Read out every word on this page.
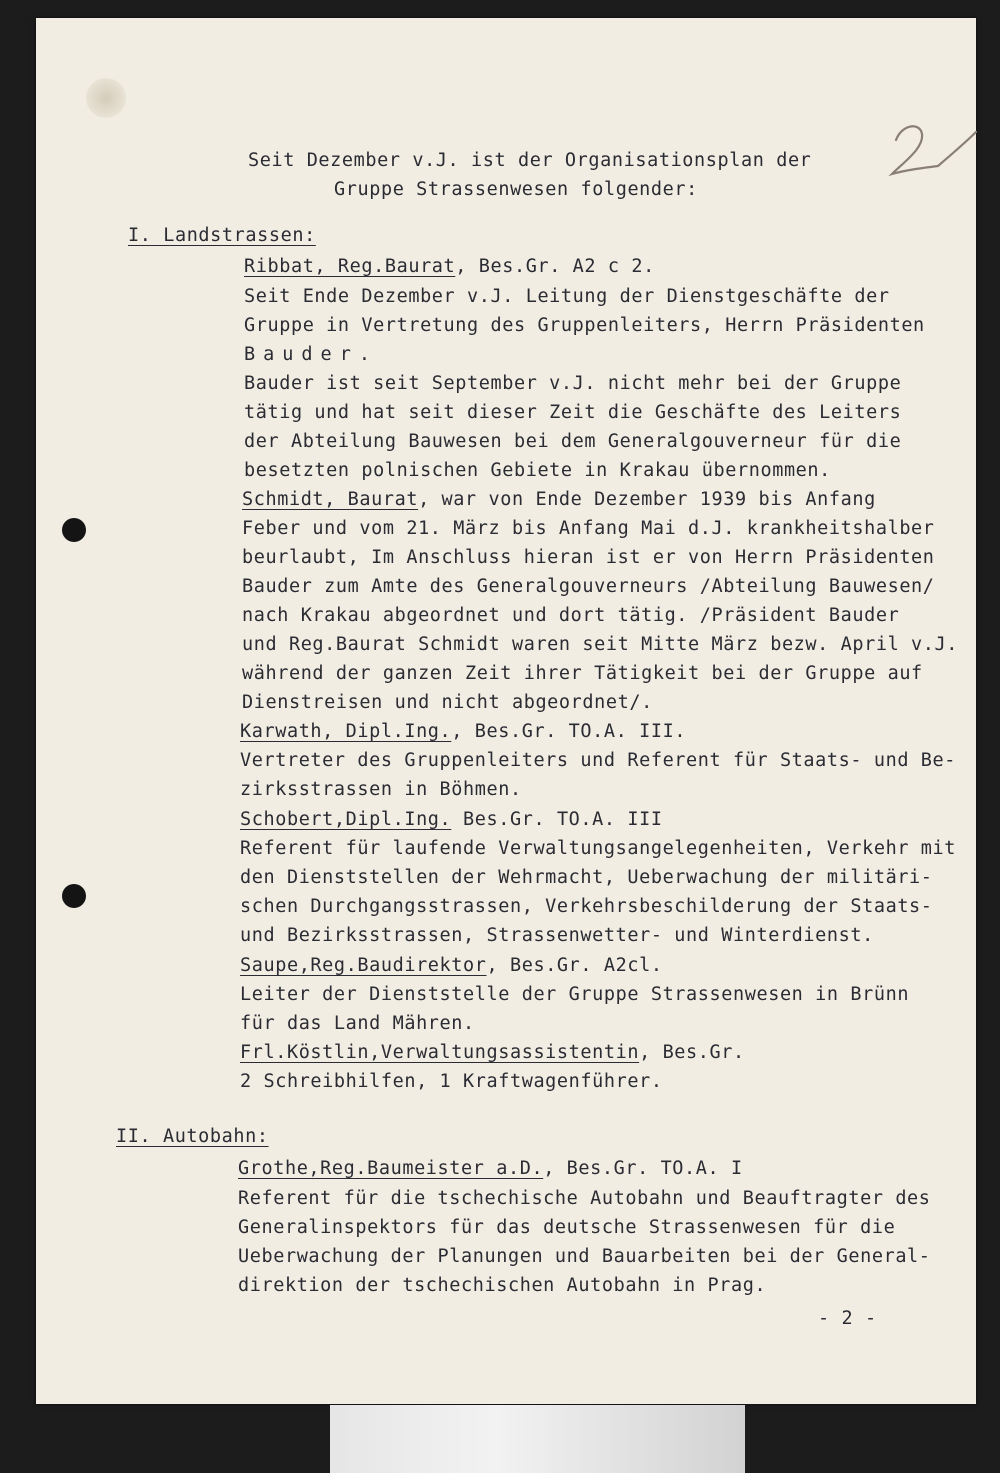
Seit Dezember v.J. ist der Organisationsplan der
Gruppe Strassenwesen folgender:
I. Landstrassen:
Ribbat, Reg.Baurat, Bes.Gr. A2 c 2.
Seit Ende Dezember v.J. Leitung der Dienstgeschäfte der
Gruppe in Vertretung des Gruppenleiters, Herrn Präsidenten
Bauder.
Bauder ist seit September v.J. nicht mehr bei der Gruppe
tätig und hat seit dieser Zeit die Geschäfte des Leiters
der Abteilung Bauwesen bei dem Generalgouverneur für die
besetzten polnischen Gebiete in Krakau übernommen.
Schmidt, Baurat, war von Ende Dezember 1939 bis Anfang
Feber und vom 21. März bis Anfang Mai d.J. krankheitshalber
beurlaubt, Im Anschluss hieran ist er von Herrn Präsidenten
Bauder zum Amte des Generalgouverneurs /Abteilung Bauwesen/
nach Krakau abgeordnet und dort tätig. /Präsident Bauder
und Reg.Baurat Schmidt waren seit Mitte März bezw. April v.J.
während der ganzen Zeit ihrer Tätigkeit bei der Gruppe auf
Dienstreisen und nicht abgeordnet/.
Karwath, Dipl.Ing., Bes.Gr. TO.A. III.
Vertreter des Gruppenleiters und Referent für Staats- und Be-
zirksstrassen in Böhmen.
Schobert,Dipl.Ing. Bes.Gr. TO.A. III
Referent für laufende Verwaltungsangelegenheiten, Verkehr mit
den Dienststellen der Wehrmacht, Ueberwachung der militäri-
schen Durchgangsstrassen, Verkehrsbeschilderung der Staats-
und Bezirksstrassen, Strassenwetter- und Winterdienst.
Saupe,Reg.Baudirektor, Bes.Gr. A2cl.
Leiter der Dienststelle der Gruppe Strassenwesen in Brünn
für das Land Mähren.
Frl.Köstlin,Verwaltungsassistentin, Bes.Gr.
2 Schreibhilfen, 1 Kraftwagenführer.
II. Autobahn:
Grothe,Reg.Baumeister a.D., Bes.Gr. TO.A. I
Referent für die tschechische Autobahn und Beauftragter des
Generalinspektors für das deutsche Strassenwesen für die
Ueberwachung der Planungen und Bauarbeiten bei der General-
direktion der tschechischen Autobahn in Prag.
- 2 -
